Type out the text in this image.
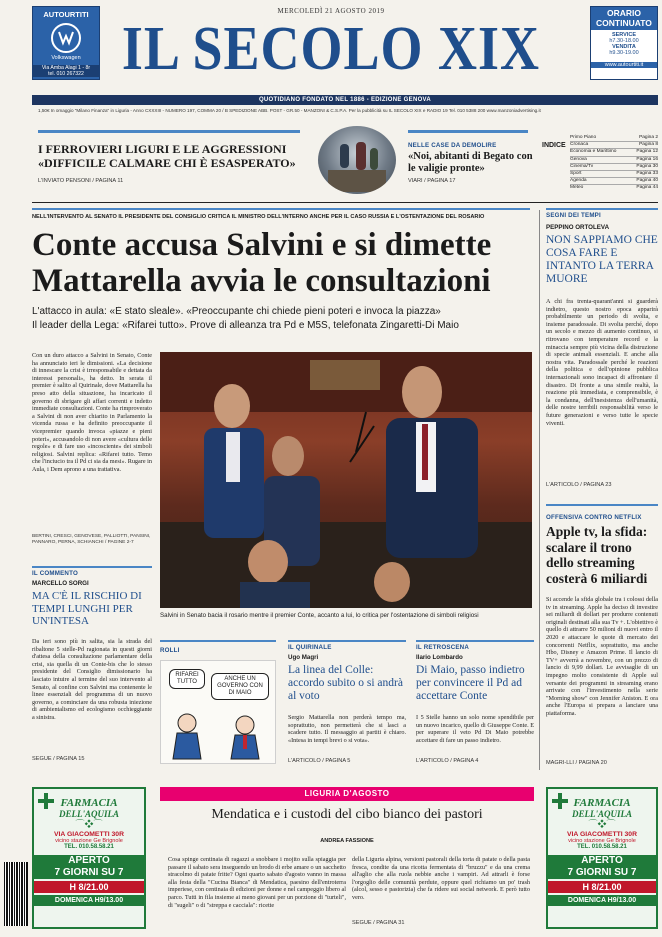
AUTOURTITI
Volkswagen
Via Amba Alagi 1 - 8r
tel. 010 267322
MERCOLEDÌ 21 AGOSTO 2019
IL SECOLO XIX
ORARIO CONTINUATO
SERVICE
h7.30-18.00
VENDITA
h9.30-19.00
www.autourtiti.it
QUOTIDIANO FONDATO NEL 1886 - EDIZIONE GENOVA
1,50€ In omaggio "Milano Finanza" in Liguria - Anno CXXXIII - NUMERO 197, COMMA 20 / B SPEDIZIONE ABB. POST - GR.50 - MANZONI & C.S.P.A. Per la pubblicità su IL SECOLO XIX e RADIO 19 Tel. 010 5388 200 www.manzoniadvertising.it
I FERROVIERI LIGURI E LE AGGRESSIONI «DIFFICILE CALMARE CHI È ESASPERATO»
L'INVIATO PENSONI / PAGINA 11
NELLE CASE DA DEMOLIRE
«Noi, abitanti di Begato con le valigie pronte»
VIARI / PAGINA 17
INDICE
Primo Piano	Pagina 2
Cronaca	Pagina 8
Economia e Marittimo	Pagina 12
Genova	Pagina 16
Cinema/Tv	Pagina 30
Sport	Pagina 33
Agenda	Pagina 40
Meteo	Pagina 44
NELL'INTERVENTO AL SENATO IL PRESIDENTE DEL CONSIGLIO CRITICA IL MINISTRO DELL'INTERNO ANCHE PER IL CASO RUSSIA E L'OSTENTAZIONE DEL ROSARIO
Conte accusa Salvini e si dimette
Mattarella avvia le consultazioni
L'attacco in aula: «È stato sleale». «Preoccupante chi chiede pieni poteri e invoca la piazza»
Il leader della Lega: «Rifarei tutto». Prove di alleanza tra Pd e M5S, telefonata Zingaretti-Di Maio
Con un duro attacco a Salvini in Senato, Conte ha annunciato ieri le dimissioni. «La decisione di innescare la crisi è irresponsabile e dettata da interessi personali», ha detto. In serata il premier è salito al Quirinale, dove Mattarella ha preso atto della situazione, ha incaricato il governo di sbrigare gli affari correnti e indetto immediate consultazioni. Conte ha rimproverato a Salvini di non aver chiarito in Parlamento la vicenda russa e ha definito preoccupante il vicepremier quando invoca «piazze e pieni poteri», accusandolo di non avere «cultura delle regole» e di fare uso «incosciente» dei simboli religiosi. Salvini replica: «Rifarei tutto. Temo che l'inciucio tra il Pd ci sia da mesi». Rugare in Aula, i Dem aprono a una trattativa.
BERTINI, CRESCI, GENOVESE, PALLIOTTI, PANSINI, PANNARO, PERNA, SCHIANCHI / PAGINE 2-7
Salvini in Senato bacia il rosario mentre il premier Conte, accanto a lui, lo critica per l'ostentazione di simboli religiosi
IL COMMENTO
MARCELLO SORGI
MA C'È IL RISCHIO DI TEMPI LUNGHI PER UN'INTESA
Da ieri sono più in salita, sia la strada del ribaltone 5 stelle-Pd ragionata in questi giorni d'attesa della consultazione parlamentare della crisi, sia quella di un Conte-bis che lo stesso presidente del Consiglio dimissionario ha lasciato intuire al termine del suo intervento al Senato, al confine con Salvini ma contenente le linee essenziali del programma di un nuovo governo, a cominciare da una robusta iniezione di ambientalismo ed ecologismo occhieggiante a sinistra.
SEGUE / PAGINA 15
ROLLI
RIFAREI TUTTO	ANCHE UN GOVERNO CON DI MAIO
IL QUIRINALE
Ugo Magri
La linea del Colle: accordo subito o si andrà al voto
Sergio Mattarella non perderà tempo ma, soprattutto, non permetterà che si lasci a scadere tutto. Il messaggio ai partiti è chiaro. «Intesa in tempi brevi o si vota».
L'ARTICOLO / PAGINA 5
IL RETROSCENA
Ilario Lombardo
Di Maio, passo indietro per convincere il Pd ad accettare Conte
I 5 Stelle hanno un solo nome spendibile per un nuovo incarico, quello di Giuseppe Conte. E per superare il veto Pd Di Maio potrebbe accettare di fare un passo indietro.
L'ARTICOLO / PAGINA 4
SEGNI DEI TEMPI
PEPPINO ORTOLEVA
NON SAPPIAMO CHE COSA FARE E INTANTO LA TERRA MUORE
A chi fra trenta-quarant'anni si guarderà indietro, questo nostro epoca apparirà probabilmente un periodo di svolta, e insieme paradossale. Di svolta perché, dopo un secolo e mezzo di aumento continuo, si ritrovano con temperature record e la minaccia sempre più vicina della distruzione di specie animali essenziali. E anche alla nostra vita. Paradossale perché le reazioni della politica e dell'opinione pubblica internazionali sono incapaci di affrontare il disastro. Di fronte a una simile realtà, la reazione più immediata, e comprensibile, è la condanna, dell'inesistenza dell'umanità, delle nostre terribili responsabilità verso le future generazioni e verso tutte le specie viventi.
L'ARTICOLO / PAGINA 23
OFFENSIVA CONTRO NETFLIX
Apple tv, la sfida: scalare il trono dello streaming costerà 6 miliardi
Si accende la sfida globale tra i colossi della tv in streaming. Apple ha deciso di investire sei miliardi di dollari per produrre contenuti originali destinati alla sua Tv +. L'obiettivo è quello di attrarre 50 milioni di nuovi entro il 2020 e attaccare le quote di mercato dei concorrenti Netflix, soprattutto, ma anche Hbo, Disney e Amazon Prime. Il lancio di TV+ avverrà a novembre, con un prezzo di lancio di 9,99 dollari. Le avvisaglie di un impegno molto consistente di Apple sul versante dei programmi in streaming erano arrivate con l'investimento nella serie "Morning show" con Jennifer Aniston. E ora anche l'Europa si prepara a lanciare una piattaforma.
MAGRI-LLI / PAGINA 20
LIGURIA D'AGOSTO
Mendatica e i custodi del cibo bianco dei pastori
ANDREA FASSIONE
Cosa spinge centinaia di ragazzi a snobbare i mojito sulla spiaggia per passare il sabato sera inseguendo un brodo di erbe amare o un sacchetto stracolmo di patate fritte? Ogni quarto sabato d'agosto vanno in massa alla festa della "Cucina Bianca" di Mendatica, paesino dell'entroterra imperiese, con centinaia di edizioni per donne e nel campeggio libero al parco. Tutti in fila insieme ai meno giovani per un porzione di "turteli", di "sugeli" o di "streppa e cacciala": ricette
della Liguria alpina, versioni pastorali della torta di patate o della pasta fresca, condite da una ricotta fermentata di "bruzzu" e da una crema all'aglio che alla ruola nebbie anche i vampiri. Ad attrarli è forse l'orgoglio delle comunità perdute, oppure quel richiamo un po' trash (alcol, sesso e pastorizia) che fa ridere sui social network. E però tutto vero.
SEGUE / PAGINA 31
FARMACIA
DELL'AQUILA
⌒❖⌒
VIA GIACOMETTI 30R
vicino stazione Ge Brignole
TEL. 010.58.58.21
APERTO
7 GIORNI SU 7
H 8/21.00
DOMENICA H9/13.00
FARMACIA
DELL'AQUILA
⌒❖⌒
VIA GIACOMETTI 30R
vicino stazione Ge Brignole
TEL. 010.58.58.21
APERTO
7 GIORNI SU 7
H 8/21.00
DOMENICA H9/13.00
